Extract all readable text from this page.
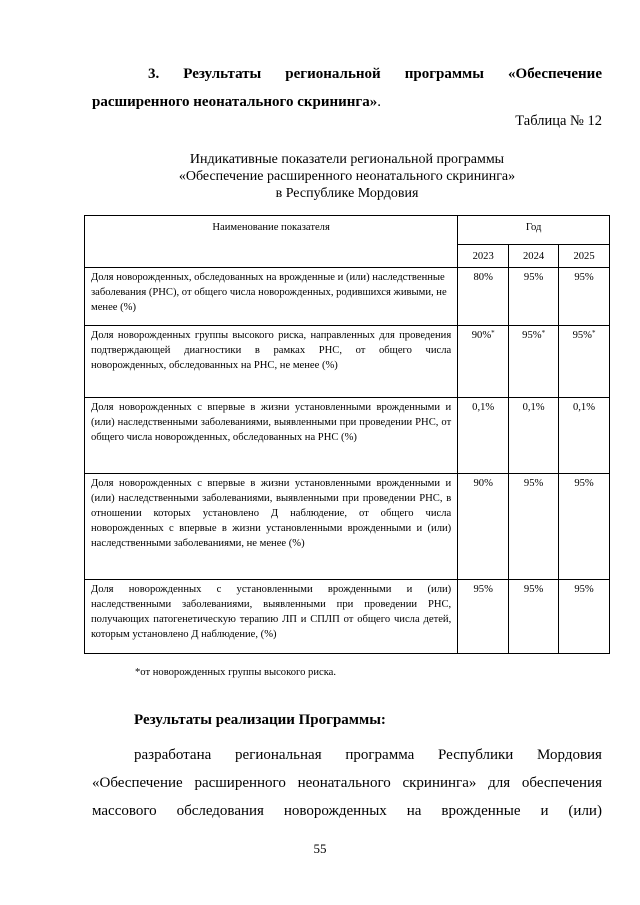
3. Результаты региональной программы «Обеспечение
расширенного неонатального скрининга».
Таблица № 12
Индикативные показатели региональной программы
«Обеспечение расширенного неонатального скрининга»
в Республике Мордовия
Наименование показателя	Год		
	2023	2024	2025
Доля новорожденных, обследованных на врожденные и (или) наследственные заболевания (РНС), от общего числа новорожденных, родившихся живыми, не менее (%)	80%	95%	95%
Доля новорожденных группы высокого риска, направленных для проведения подтверждающей диагностики в рамках РНС, от общего числа новорожденных, обследованных на РНС, не менее (%)	90%*	95%*	95%*
Доля новорожденных с впервые в жизни установленными врожденными и (или) наследственными заболеваниями, выявленными при проведении РНС, от общего числа новорожденных, обследованных на РНС (%)	0,1%	0,1%	0,1%
Доля новорожденных с впервые в жизни установленными врожденными и (или) наследственными заболеваниями, выявленными при проведении РНС, в отношении которых установлено Д наблюдение, от общего числа новорожденных с впервые в жизни установленными врожденными и (или) наследственными заболеваниями, не менее (%)	90%	95%	95%
Доля новорожденных с установленными врожденными и (или) наследственными заболеваниями, выявленными при проведении РНС, получающих патогенетическую терапию ЛП и СПЛП от общего числа детей, которым установлено Д наблюдение, (%)	95%	95%	95%
*от новорожденных группы высокого риска.
Результаты реализации Программы:
разработана региональная программа Республики Мордовия
«Обеспечение расширенного неонатального скрининга» для обеспечения
массового обследования новорожденных на врожденные и (или)
55
